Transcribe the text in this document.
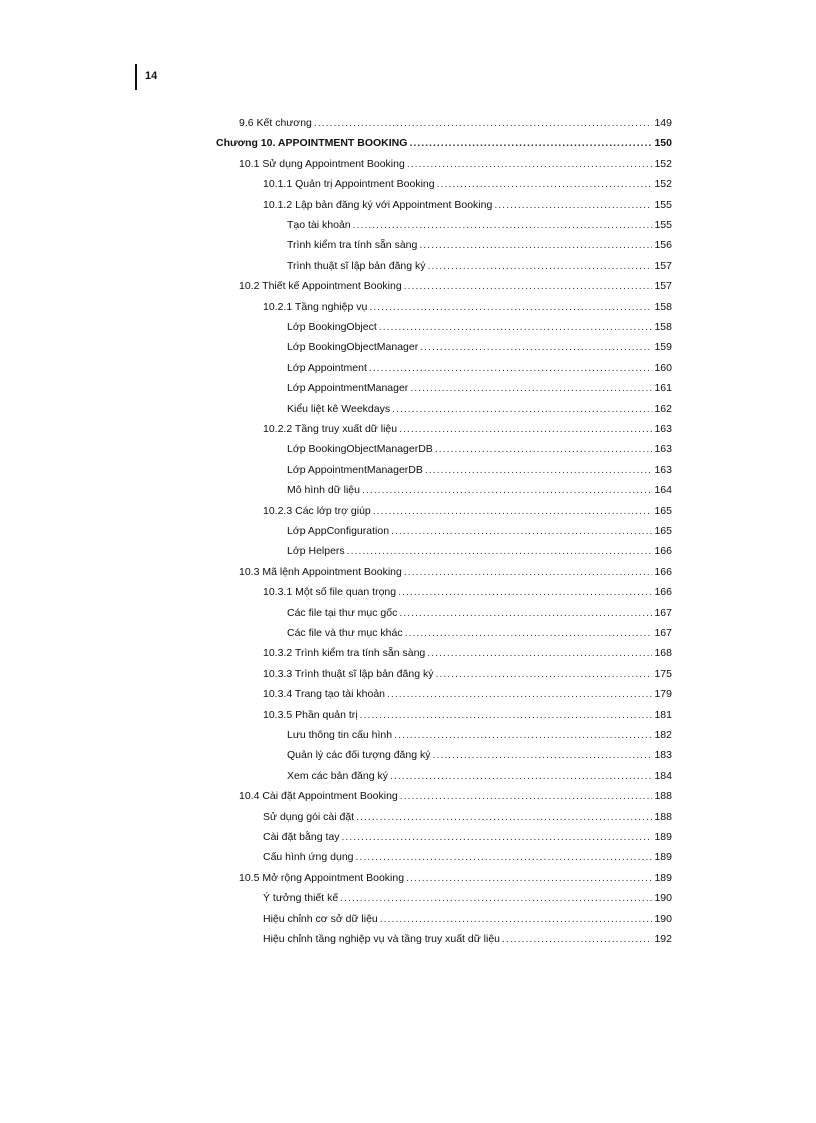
14
9.6 Kết chương .....	149
Chương 10. APPOINTMENT BOOKING .....	150
10.1 Sử dụng Appointment Booking .....	152
10.1.1 Quản trị Appointment Booking .....	152
10.1.2 Lập bản đăng ký với Appointment Booking .....	155
Tạo tài khoản .....	155
Trình kiểm tra tính sẵn sàng .....	156
Trình thuật sĩ lập bản đăng ký .....	157
10.2 Thiết kế Appointment Booking .....	157
10.2.1 Tầng nghiệp vụ .....	158
Lớp BookingObject .....	158
Lớp BookingObjectManager .....	159
Lớp Appointment .....	160
Lớp AppointmentManager .....	161
Kiểu liệt kê Weekdays .....	162
10.2.2 Tầng truy xuất dữ liệu .....	163
Lớp BookingObjectManagerDB .....	163
Lớp AppointmentManagerDB .....	163
Mô hình dữ liệu .....	164
10.2.3 Các lớp trợ giúp .....	165
Lớp AppConfiguration .....	165
Lớp Helpers .....	166
10.3 Mã lệnh Appointment Booking .....	166
10.3.1 Một số file quan trọng .....	166
Các file tại thư mục gốc .....	167
Các file và thư mục khác .....	167
10.3.2 Trình kiểm tra tính sẵn sàng .....	168
10.3.3 Trình thuật sĩ lập bản đăng ký .....	175
10.3.4 Trang tạo tài khoản .....	179
10.3.5 Phần quản trị .....	181
Lưu thông tin cấu hình .....	182
Quản lý các đối tượng đăng ký .....	183
Xem các bản đăng ký .....	184
10.4 Cài đặt Appointment Booking .....	188
Sử dụng gói cài đặt .....	188
Cài đặt bằng tay .....	189
Cấu hình ứng dụng .....	189
10.5 Mở rộng Appointment Booking .....	189
Ý tưởng thiết kế .....	190
Hiệu chỉnh cơ sở dữ liệu .....	190
Hiệu chỉnh tầng nghiệp vụ và tầng truy xuất dữ liệu .....	192
